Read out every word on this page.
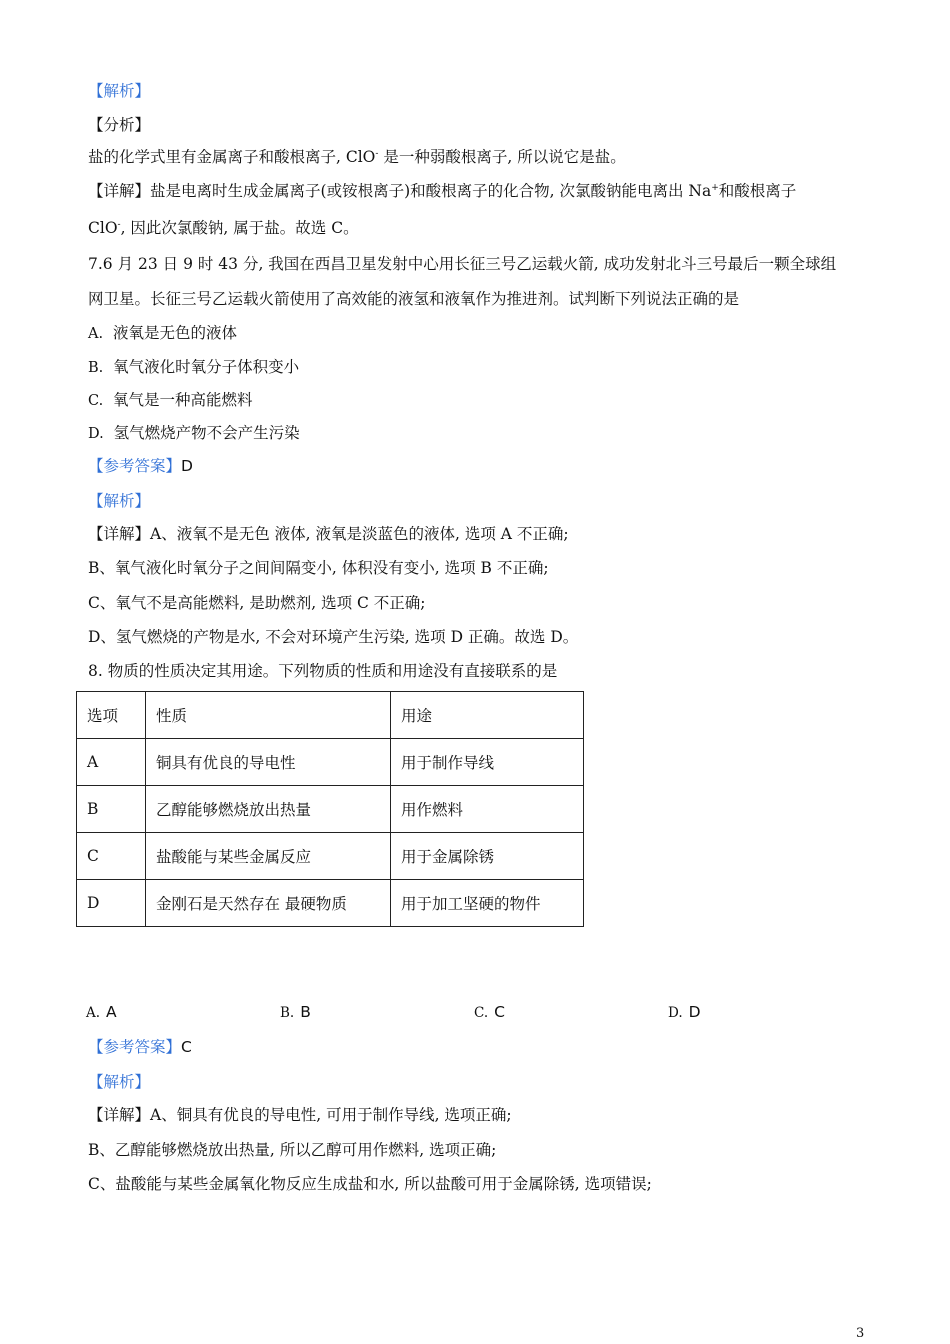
【解析】
【分析】
盐的化学式里有金属离子和酸根离子, ClO- 是一种弱酸根离子, 所以说它是盐。
【详解】盐是电离时生成金属离子(或铵根离子)和酸根离子的化合物, 次氯酸钠能电离出 Na+和酸根离子
ClO-, 因此次氯酸钠, 属于盐。故选 C。
7.6 月 23 日 9 时 43 分, 我国在西昌卫星发射中心用长征三号乙运载火箭, 成功发射北斗三号最后一颗全球组
网卫星。长征三号乙运载火箭使用了高效能的液氢和液氧作为推进剂。试判断下列说法正确的是
A. 液氧是无色的液体
B. 氧气液化时氧分子体积变小
C. 氧气是一种高能燃料
D. 氢气燃烧产物不会产生污染
【参考答案】D
【解析】
【详解】A、液氧不是无色 液体, 液氧是淡蓝色的液体, 选项 A 不正确;
B、氧气液化时氧分子之间间隔变小, 体积没有变小, 选项 B 不正确;
C、氧气不是高能燃料, 是助燃剂, 选项 C 不正确;
D、氢气燃烧的产物是水, 不会对环境产生污染, 选项 D 正确。故选 D。
8. 物质的性质决定其用途。下列物质的性质和用途没有直接联系的是
选项	性质	用途
A	铜具有优良的导电性	用于制作导线
B	乙醇能够燃烧放出热量	用作燃料
C	盐酸能与某些金属反应	用于金属除锈
D	金刚石是天然存在 最硬物质	用于加工坚硬的物件
A. A	B. B	C. C	D. D
【参考答案】C
【解析】
【详解】A、铜具有优良的导电性, 可用于制作导线, 选项正确;
B、乙醇能够燃烧放出热量, 所以乙醇可用作燃料, 选项正确;
C、盐酸能与某些金属氧化物反应生成盐和水, 所以盐酸可用于金属除锈, 选项错误;
3
